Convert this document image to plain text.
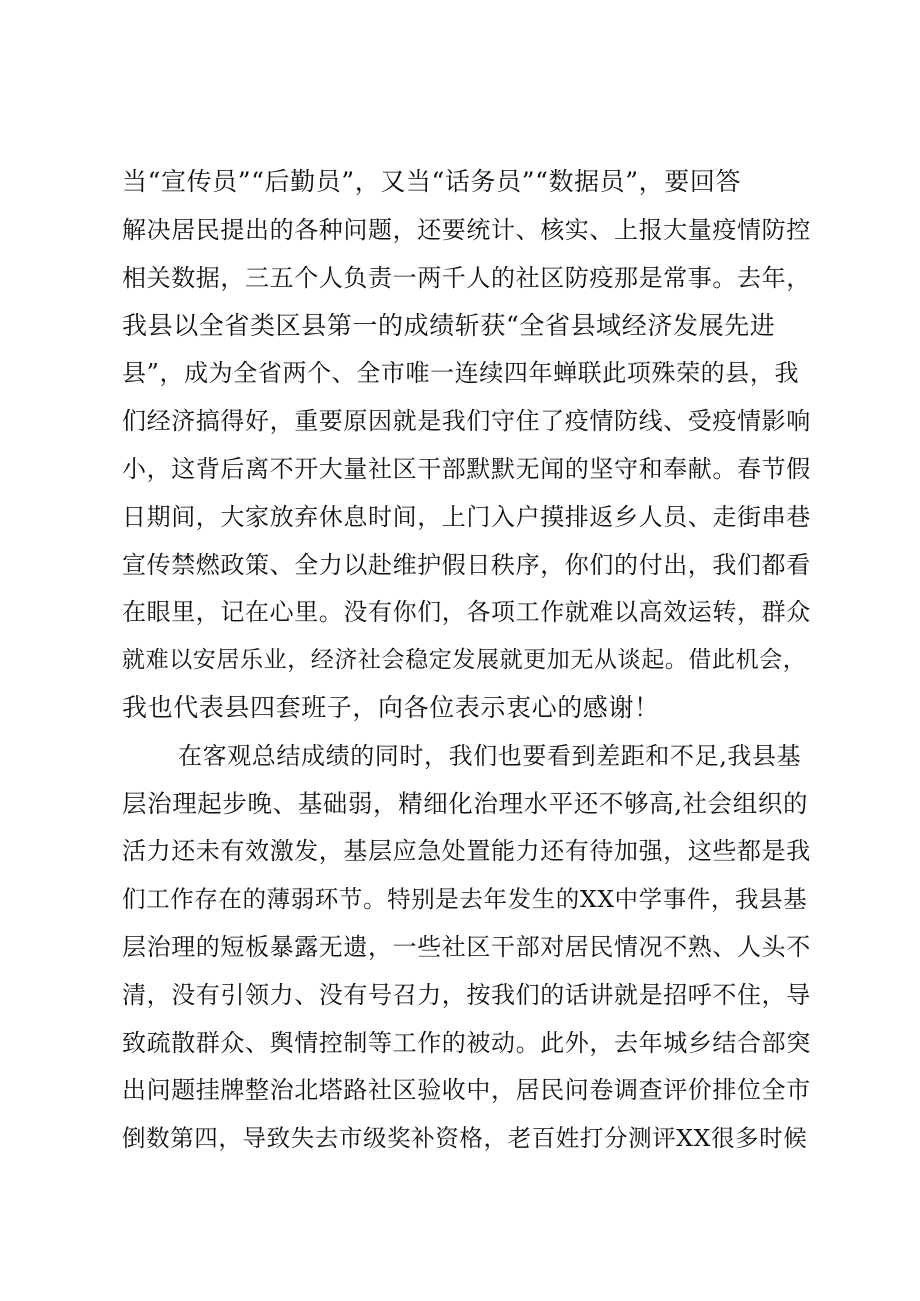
当“宣传员”“后勤员”，又当“话务员”“数据员”，要回答
解决居民提出的各种问题，还要统计、核实、上报大量疫情防控
相关数据，三五个人负责一两千人的社区防疫那是常事。去年，
我县以全省类区县第一的成绩斩获“全省县域经济发展先进
县”，成为全省两个、全市唯一连续四年蝉联此项殊荣的县，我
们经济搞得好，重要原因就是我们守住了疫情防线、受疫情影响
小，这背后离不开大量社区干部默默无闻的坚守和奉献。春节假
日期间，大家放弃休息时间，上门入户摸排返乡人员、走街串巷
宣传禁燃政策、全力以赴维护假日秩序，你们的付出，我们都看
在眼里，记在心里。没有你们，各项工作就难以高效运转，群众
就难以安居乐业，经济社会稳定发展就更加无从谈起。借此机会，
我也代表县四套班子，向各位表示衷心的感谢！
在客观总结成绩的同时，我们也要看到差距和不足,我县基
层治理起步晚、基础弱，精细化治理水平还不够高,社会组织的
活力还未有效激发，基层应急处置能力还有待加强，这些都是我
们工作存在的薄弱环节。特别是去年发生的XX中学事件，我县基
层治理的短板暴露无遗，一些社区干部对居民情况不熟、人头不
清，没有引领力、没有号召力，按我们的话讲就是招呼不住，导
致疏散群众、舆情控制等工作的被动。此外，去年城乡结合部突
出问题挂牌整治北塔路社区验收中，居民问卷调查评价排位全市
倒数第四，导致失去市级奖补资格，老百姓打分测评XX很多时候
